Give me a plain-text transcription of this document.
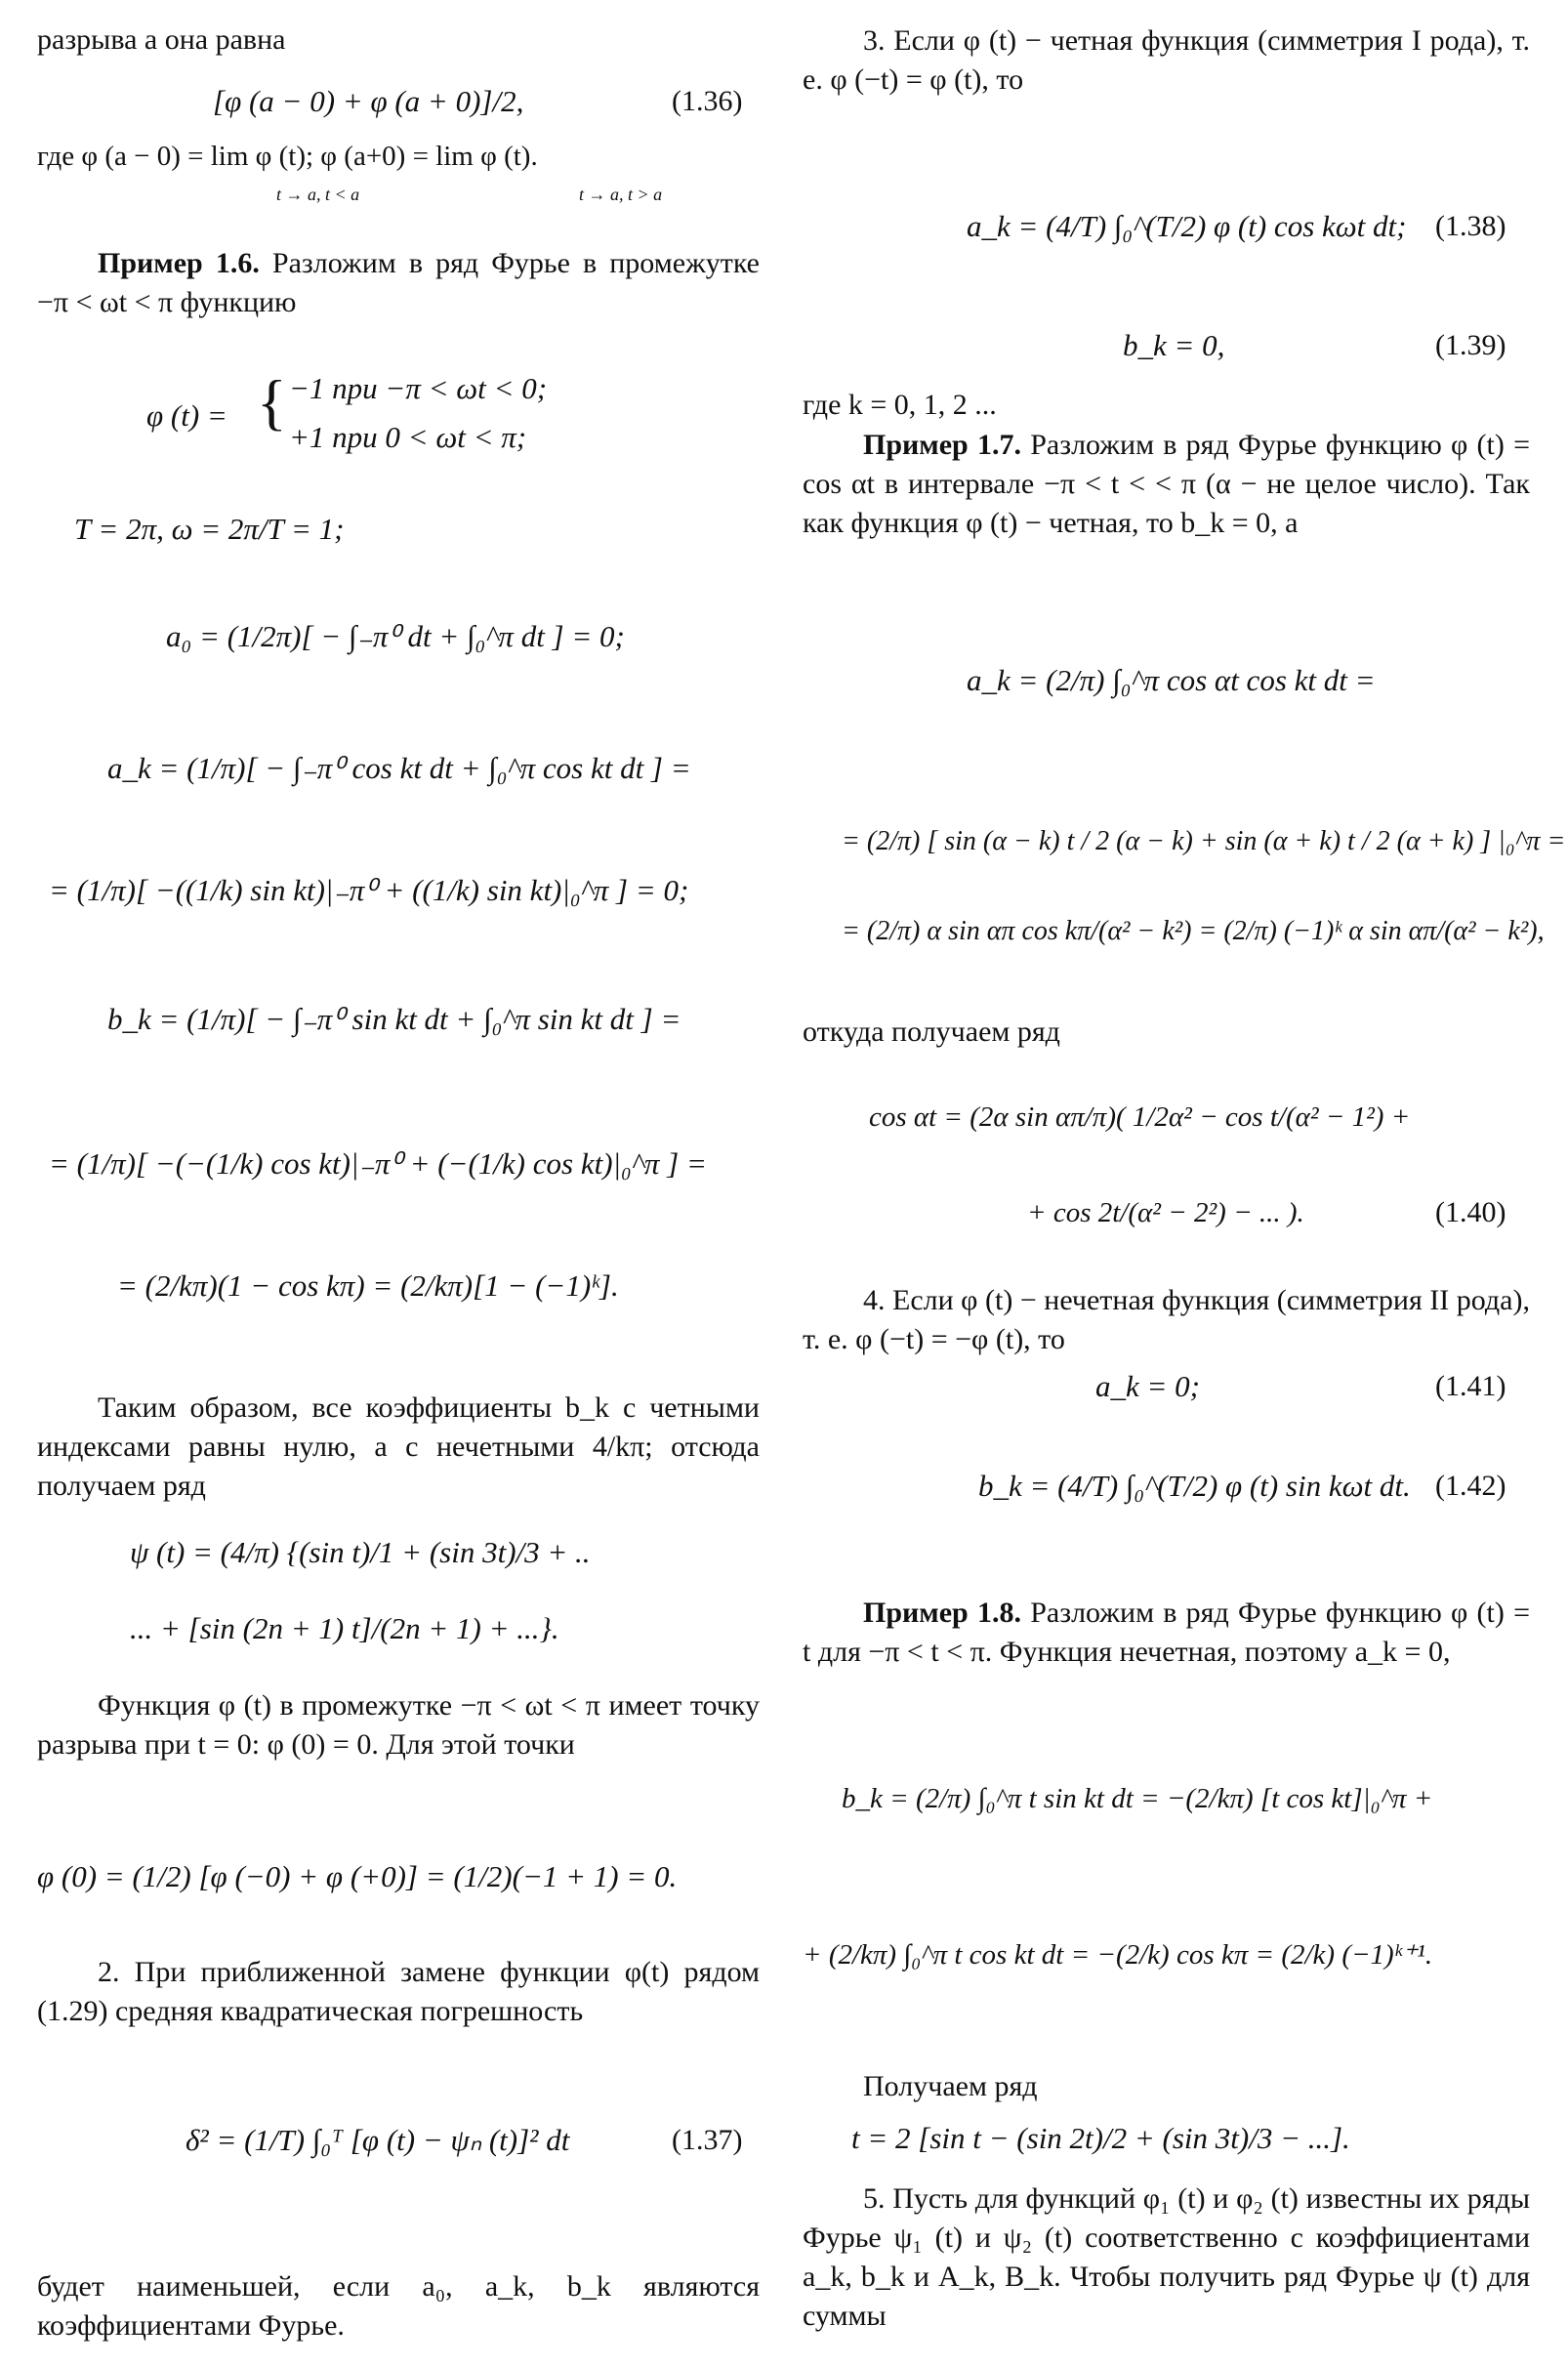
разрыва a она равна
[φ (a − 0) + φ (a + 0)]/2,	(1.36)
где φ (a − 0) = lim φ (t); φ (a+0) = lim φ (t).
t → a, t < a	t → a, t > a
Пример 1.6. Разложим в ряд Фурье в промежутке −π < ωt < π функцию
φ (t) = { −1 при −π < ωt < 0;
+1 при 0 < ωt < π;
T = 2π, ω = 2π/T = 1;
a₀ = (1/2π)[ − ∫₋π⁰ dt + ∫₀^π dt ] = 0;
a_k = (1/π)[ − ∫₋π⁰ cos kt dt + ∫₀^π cos kt dt ] =
= (1/π)[ −((1/k) sin kt)|₋π⁰ + ((1/k) sin kt)|₀^π ] = 0;
b_k = (1/π)[ − ∫₋π⁰ sin kt dt + ∫₀^π sin kt dt ] =
= (1/π)[ −(−(1/k) cos kt)|₋π⁰ + (−(1/k) cos kt)|₀^π ] =
= (2/kπ)(1 − cos kπ) = (2/kπ)[1 − (−1)ᵏ].
Таким образом, все коэффициенты b_k с четными индексами равны нулю, а с нечетными 4/kπ; отсюда получаем ряд
ψ (t) = (4/π) {(sin t)/1 + (sin 3t)/3 + ..
... + [sin (2n + 1) t]/(2n + 1) + ...}.
Функция φ (t) в промежутке −π < ωt < π имеет точку разрыва при t = 0: φ (0) = 0. Для этой точки
φ (0) = (1/2) [φ (−0) + φ (+0)] = (1/2)(−1 + 1) = 0.
2. При приближенной замене функции φ(t) рядом (1.29) средняя квадратическая погрешность
δ² = (1/T) ∫₀ᵀ [φ (t) − ψₙ (t)]² dt	(1.37)
будет наименьшей, если a₀, a_k, b_k являются коэффициентами Фурье.
3. Если φ (t) − четная функция (симметрия I рода), т. е. φ (−t) = φ (t), то
a_k = (4/T) ∫₀^(T/2) φ (t) cos kωt dt; (1.38)
b_k = 0,	(1.39)
где k = 0, 1, 2 ...
Пример 1.7. Разложим в ряд Фурье функцию φ (t) = cos αt в интервале −π < t < < π (α − не целое число). Так как функция φ (t) − четная, то b_k = 0, а
a_k = (2/π) ∫₀^π cos αt cos kt dt =
= (2/π) [ sin (α − k) t / 2 (α − k) + sin (α + k) t / 2 (α + k) ] |₀^π =
= (2/π) α sin απ cos kπ/(α² − k²) = (2/π) (−1)ᵏ α sin απ/(α² − k²),
откуда получаем ряд
cos αt = (2α sin απ/π)( 1/2α² − cos t/(α² − 1²) +
+ cos 2t/(α² − 2²) − ... ).	(1.40)
4. Если φ (t) − нечетная функция (симметрия II рода), т. е. φ (−t) = −φ (t), то
a_k = 0;	(1.41)
b_k = (4/T) ∫₀^(T/2) φ (t) sin kωt dt. (1.42)
Пример 1.8. Разложим в ряд Фурье функцию φ (t) = t для −π < t < π. Функция нечетная, поэтому a_k = 0,
b_k = (2/π) ∫₀^π t sin kt dt = −(2/kπ) [t cos kt]|₀^π +
+ (2/kπ) ∫₀^π t cos kt dt = −(2/k) cos kπ = (2/k) (−1)ᵏ⁺¹.
Получаем ряд
t = 2 [sin t − (sin 2t)/2 + (sin 3t)/3 − ...].
5. Пусть для функций φ₁ (t) и φ₂ (t) известны их ряды Фурье ψ₁ (t) и ψ₂ (t) соответственно с коэффициентами a_k, b_k и A_k, B_k. Чтобы получить ряд Фурье ψ (t) для суммы
